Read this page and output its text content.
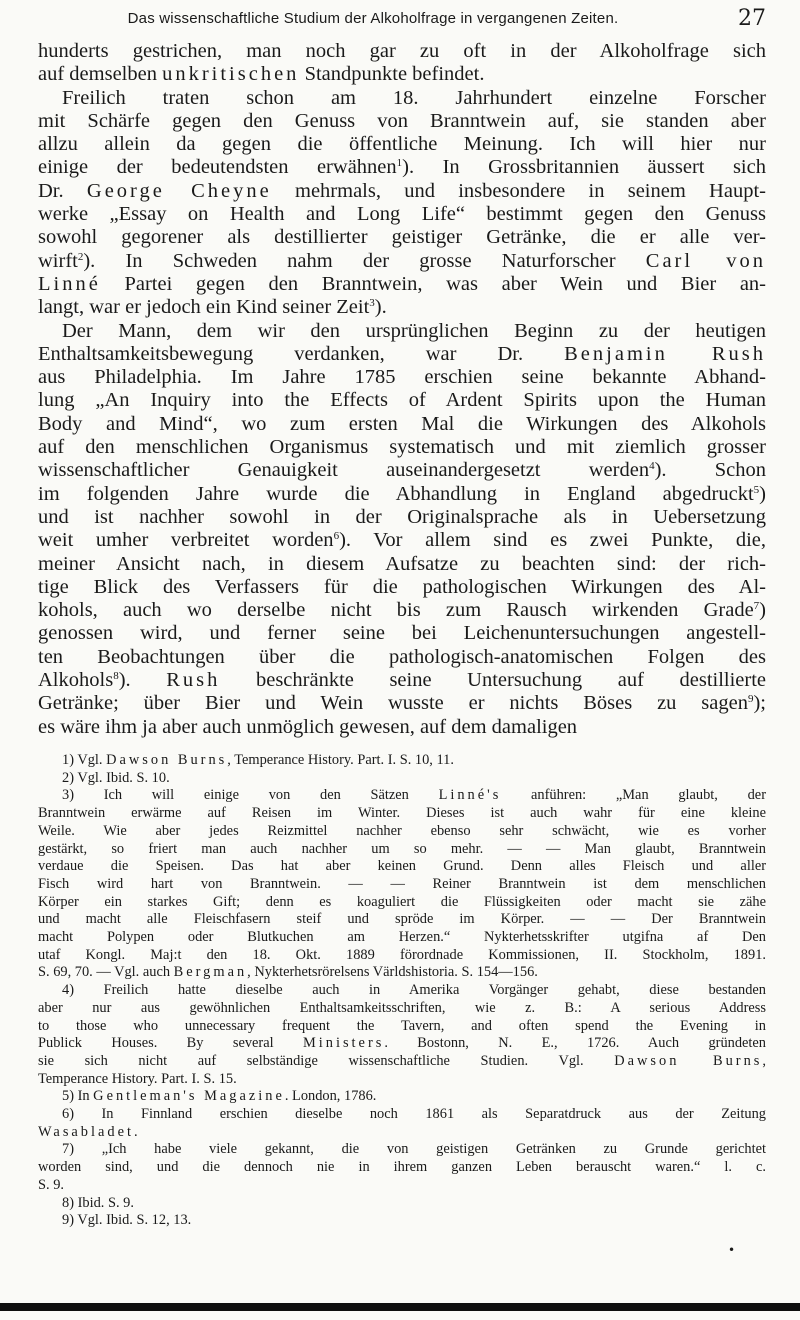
Das wissenschaftliche Studium der Alkoholfrage in vergangenen Zeiten.	27
hunderts gestrichen, man noch gar zu oft in der Alkoholfrage sich
auf demselben unkritischen Standpunkte befindet.
Freilich traten schon am 18. Jahrhundert einzelne Forscher
mit Schärfe gegen den Genuss von Branntwein auf, sie standen aber
allzu allein da gegen die öffentliche Meinung. Ich will hier nur
einige der bedeutendsten erwähnen$^1$). In Grossbritannien äussert sich
Dr. George Cheyne mehrmals, und insbesondere in seinem Haupt-
werke „Essay on Health and Long Life“ bestimmt gegen den Genuss
sowohl gegorener als destillierter geistiger Getränke, die er alle ver-
wirft$^2$). In Schweden nahm der grosse Naturforscher Carl von
Linné Partei gegen den Branntwein, was aber Wein und Bier an-
langt, war er jedoch ein Kind seiner Zeit$^3$).
Der Mann, dem wir den ursprünglichen Beginn zu der heutigen
Enthaltsamkeitsbewegung verdanken, war Dr. Benjamin Rush
aus Philadelphia. Im Jahre 1785 erschien seine bekannte Abhand-
lung „An Inquiry into the Effects of Ardent Spirits upon the Human
Body and Mind“, wo zum ersten Mal die Wirkungen des Alkohols
auf den menschlichen Organismus systematisch und mit ziemlich grosser
wissenschaftlicher Genauigkeit auseinandergesetzt werden$^4$). Schon
im folgenden Jahre wurde die Abhandlung in England abgedruckt$^5$)
und ist nachher sowohl in der Originalsprache als in Uebersetzung
weit umher verbreitet worden$^6$). Vor allem sind es zwei Punkte, die,
meiner Ansicht nach, in diesem Aufsatze zu beachten sind: der rich-
tige Blick des Verfassers für die pathologischen Wirkungen des Al-
kohols, auch wo derselbe nicht bis zum Rausch wirkenden Grade$^7$)
genossen wird, und ferner seine bei Leichenuntersuchungen angestell-
ten Beobachtungen über die pathologisch-anatomischen Folgen des
Alkohols$^8$). Rush beschränkte seine Untersuchung auf destillierte
Getränke; über Bier und Wein wusste er nichts Böses zu sagen$^9$);
es wäre ihm ja aber auch unmöglich gewesen, auf dem damaligen
1) Vgl. Dawson Burns, Temperance History. Part. I. S. 10, 11.
2) Vgl. Ibid. S. 10.
3) Ich will einige von den Sätzen Linné's anführen: „Man glaubt, der
Branntwein erwärme auf Reisen im Winter. Dieses ist auch wahr für eine kleine
Weile. Wie aber jedes Reizmittel nachher ebenso sehr schwächt, wie es vorher
gestärkt, so friert man auch nachher um so mehr. — — Man glaubt, Branntwein
verdaue die Speisen. Das hat aber keinen Grund. Denn alles Fleisch und aller
Fisch wird hart von Branntwein. — — Reiner Branntwein ist dem menschlichen
Körper ein starkes Gift; denn es koaguliert die Flüssigkeiten oder macht sie zähe
und macht alle Fleischfasern steif und spröde im Körper. — — Der Branntwein
macht Polypen oder Blutkuchen am Herzen.“ Nykterhetsskrifter utgifna af Den
utaf Kongl. Maj:t den 18. Okt. 1889 förordnade Kommissionen, II. Stockholm, 1891.
S. 69, 70. — Vgl. auch Bergman, Nykterhetsrörelsens Världshistoria. S. 154—156.
4) Freilich hatte dieselbe auch in Amerika Vorgänger gehabt, diese bestanden
aber nur aus gewöhnlichen Enthaltsamkeitsschriften, wie z. B.: A serious Address
to those who unnecessary frequent the Tavern, and often spend the Evening in
Publick Houses. By several Ministers. Bostonn, N. E., 1726. Auch gründeten
sie sich nicht auf selbständige wissenschaftliche Studien. Vgl. Dawson Burns,
Temperance History. Part. I. S. 15.
5) In Gentleman's Magazine. London, 1786.
6) In Finnland erschien dieselbe noch 1861 als Separatdruck aus der Zeitung
Wasabladet.
7) „Ich habe viele gekannt, die von geistigen Getränken zu Grunde gerichtet
worden sind, und die dennoch nie in ihrem ganzen Leben berauscht waren.“ l. c.
S. 9.
8) Ibid. S. 9.
9) Vgl. Ibid. S. 12, 13.
•
